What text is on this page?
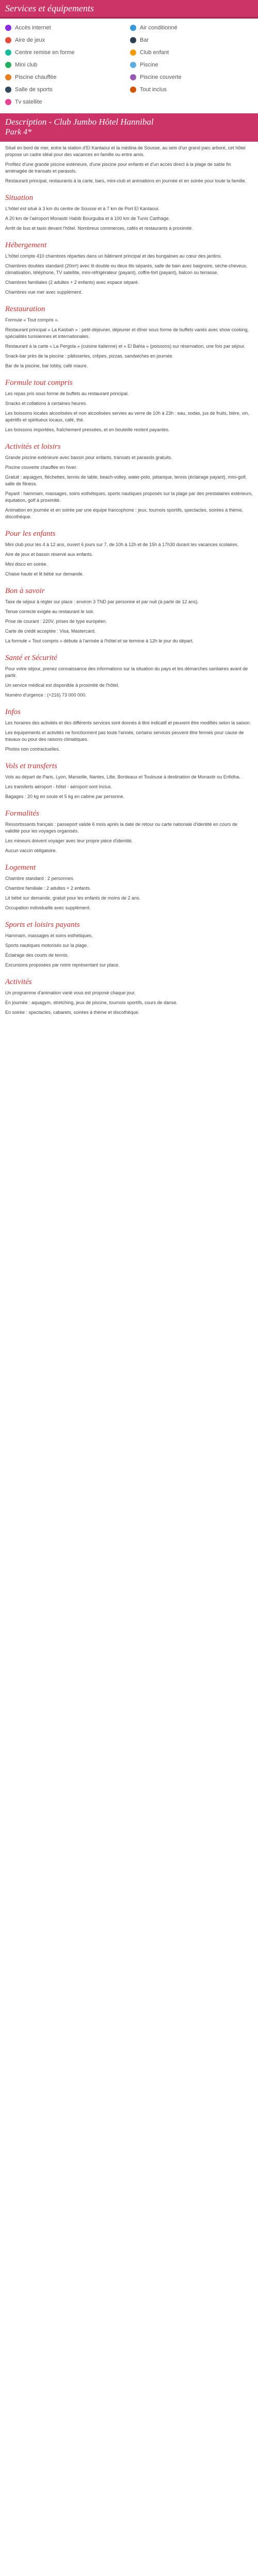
Services et équipements
Accès internet	Air conditionné
Aire de jeux	Bar
Centre remise en forme	Club enfant
Mini club	Piscine
Piscine chauffée	Piscine couverte
Salle de sports	Tout inclus
Tv satellite
Description - Club Jumbo Hôtel Hannibal
Park 4*

Situé en bord de mer, entre la station d'El Kantaoui et la médina de Sousse, au sein d'un grand parc arboré, cet hôtel propose un cadre idéal pour des vacances en famille ou entre amis.

Profitez d'une grande piscine extérieure, d'une piscine pour enfants et d'un accès direct à la plage de sable fin aménagée de transats et parasols.

Restaurant principal, restaurants à la carte, bars, mini-club et animations en journée et en soirée pour toute la famille.

Situation

L'hôtel est situé à 3 km du centre de Sousse et à 7 km de Port El Kantaoui.

A 20 km de l'aéroport Monastir Habib Bourguiba et à 100 km de Tunis Carthage.

Arrêt de bus et taxis devant l'hôtel. Nombreux commerces, cafés et restaurants à proximité.

Hébergement

L'hôtel compte 410 chambres réparties dans un bâtiment principal et des bungalows au cœur des jardins.

Chambres doubles standard (20m²) avec lit double ou deux lits séparés, salle de bain avec baignoire, sèche-cheveux, climatisation, téléphone, TV satellite, mini-réfrigérateur (payant), coffre-fort (payant), balcon ou terrasse.

Chambres familiales (2 adultes + 2 enfants) avec espace séparé.

Chambres vue mer avec supplément.

Restauration

Formule « Tout compris ».

Restaurant principal « La Kasbah » : petit-déjeuner, déjeuner et dîner sous forme de buffets variés avec show cooking, spécialités tunisiennes et internationales.

Restaurant à la carte « La Pergola » (cuisine italienne) et « El Bahia » (poissons) sur réservation, une fois par séjour.

Snack-bar près de la piscine : pâtisseries, crêpes, pizzas, sandwiches en journée.

Bar de la piscine, bar lobby, café maure.

Formule tout compris

Les repas pris sous forme de buffets au restaurant principal.

Snacks et collations à certaines heures.

Les boissons locales alcoolisées et non alcoolisées servies au verre de 10h à 23h : eau, sodas, jus de fruits, bière, vin, apéritifs et spiritueux locaux, café, thé.

Les boissons importées, fraîchement pressées, et en bouteille restent payantes.

Activités et loisirs

Grande piscine extérieure avec bassin pour enfants, transats et parasols gratuits.

Piscine couverte chauffée en hiver.

Gratuit : aquagym, fléchettes, tennis de table, beach-volley, water-polo, pétanque, tennis (éclairage payant), mini-golf, salle de fitness.

Payant : hammam, massages, soins esthétiques, sports nautiques proposés sur la plage par des prestataires extérieurs, équitation, golf à proximité.

Animation en journée et en soirée par une équipe francophone : jeux, tournois sportifs, spectacles, soirées à thème, discothèque.

Pour les enfants

Mini club pour les 4 à 12 ans, ouvert 6 jours sur 7, de 10h à 12h et de 15h à 17h30 durant les vacances scolaires.

Aire de jeux et bassin réservé aux enfants.

Mini disco en soirée.

Chaise haute et lit bébé sur demande.

Bon à savoir

Taxe de séjour à régler sur place : environ 3 TND par personne et par nuit (à partir de 12 ans).

Tenue correcte exigée au restaurant le soir.

Prise de courant : 220V, prises de type européen.

Carte de crédit acceptée : Visa, Mastercard.

La formule « Tout compris » débute à l'arrivée à l'hôtel et se termine à 12h le jour du départ.

Santé et Sécurité

Pour votre séjour, prenez connaissance des informations sur la situation du pays et les démarches sanitaires avant de partir.

Un service médical est disponible à proximité de l'hôtel.

Numéro d'urgence : (+216) 73 000 000.

Infos

Les horaires des activités et des différents services sont donnés à titre indicatif et peuvent être modifiés selon la saison.

Les équipements et activités ne fonctionnent pas toute l'année, certains services peuvent être fermés pour cause de travaux ou pour des raisons climatiques.

Photos non contractuelles.

Vols et transferts

Vols au départ de Paris, Lyon, Marseille, Nantes, Lille, Bordeaux et Toulouse à destination de Monastir ou Enfidha.

Les transferts aéroport - hôtel - aéroport sont inclus.

Bagages : 20 kg en soute et 5 kg en cabine par personne.

Formalités

Ressortissants français : passeport valide 6 mois après la date de retour ou carte nationale d'identité en cours de validité pour les voyages organisés.

Les mineurs doivent voyager avec leur propre pièce d'identité.

Aucun vaccin obligatoire.

Logement

Chambre standard : 2 personnes.

Chambre familiale : 2 adultes + 2 enfants.

Lit bébé sur demande, gratuit pour les enfants de moins de 2 ans.

Occupation individuelle avec supplément.

Sports et loisirs payants

Hammam, massages et soins esthétiques.

Sports nautiques motorisés sur la plage.

Éclairage des courts de tennis.

Excursions proposées par notre représentant sur place.

Activités

Un programme d'animation varié vous est proposé chaque jour.

En journée : aquagym, stretching, jeux de piscine, tournois sportifs, cours de danse.

En soirée : spectacles, cabarets, soirées à thème et discothèque.
